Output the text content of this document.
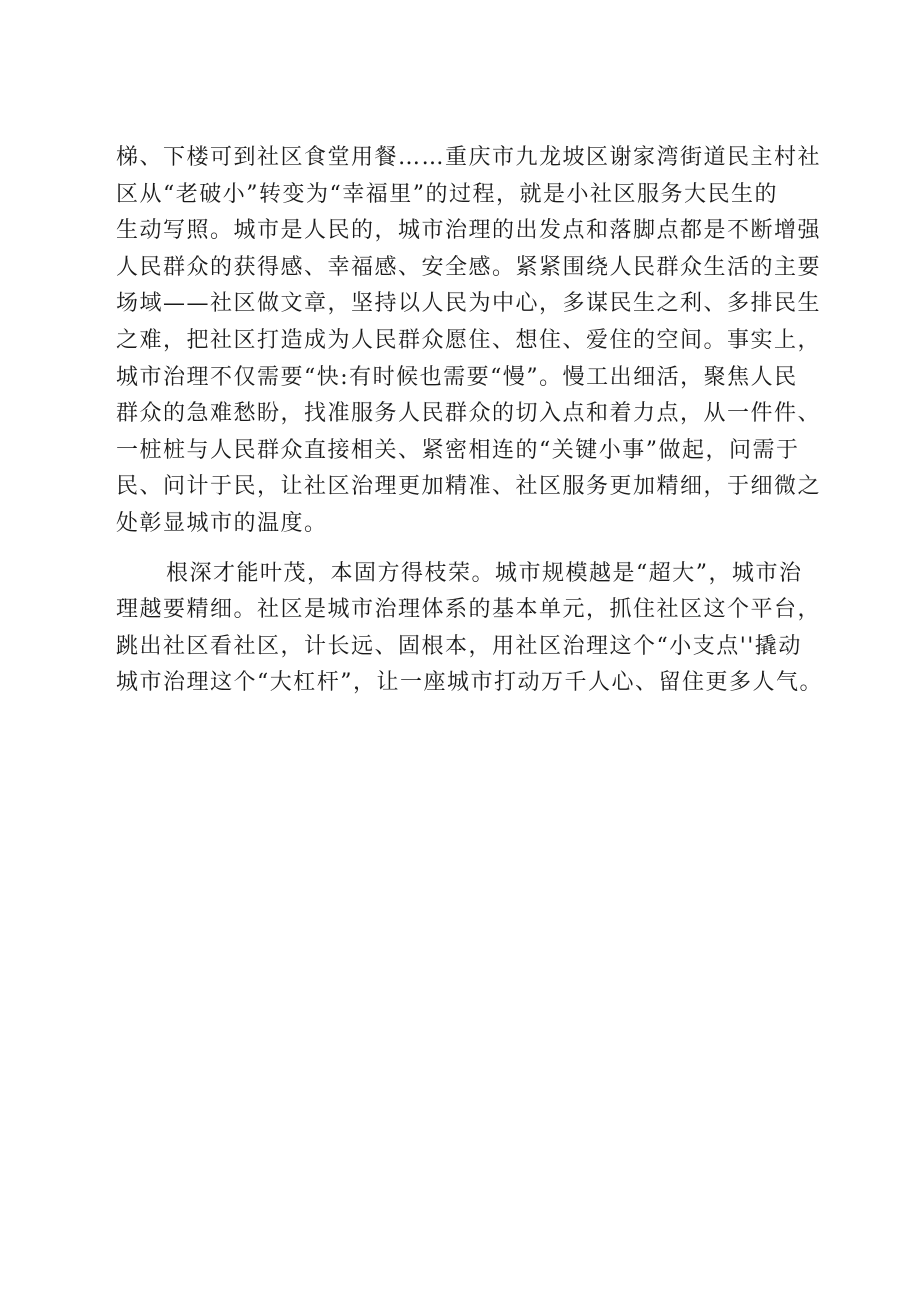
梯、下楼可到社区食堂用餐……重庆市九龙坡区谢家湾街道民主村社
区从“老破小”转变为“幸福里”的过程，就是小社区服务大民生的
生动写照。城市是人民的，城市治理的出发点和落脚点都是不断增强
人民群众的获得感、幸福感、安全感。紧紧围绕人民群众生活的主要
场域——社区做文章，坚持以人民为中心，多谋民生之利、多排民生
之难，把社区打造成为人民群众愿住、想住、爱住的空间。事实上，
城市治理不仅需要“快:有时候也需要“慢”。慢工出细活，聚焦人民
群众的急难愁盼，找准服务人民群众的切入点和着力点，从一件件、
一桩桩与人民群众直接相关、紧密相连的“关键小事”做起，问需于
民、问计于民，让社区治理更加精准、社区服务更加精细，于细微之
处彰显城市的温度。
根深才能叶茂，本固方得枝荣。城市规模越是“超大”，城市治
理越要精细。社区是城市治理体系的基本单元，抓住社区这个平台，
跳出社区看社区，计长远、固根本，用社区治理这个“小支点''撬动
城市治理这个“大杠杆”，让一座城市打动万千人心、留住更多人气。
